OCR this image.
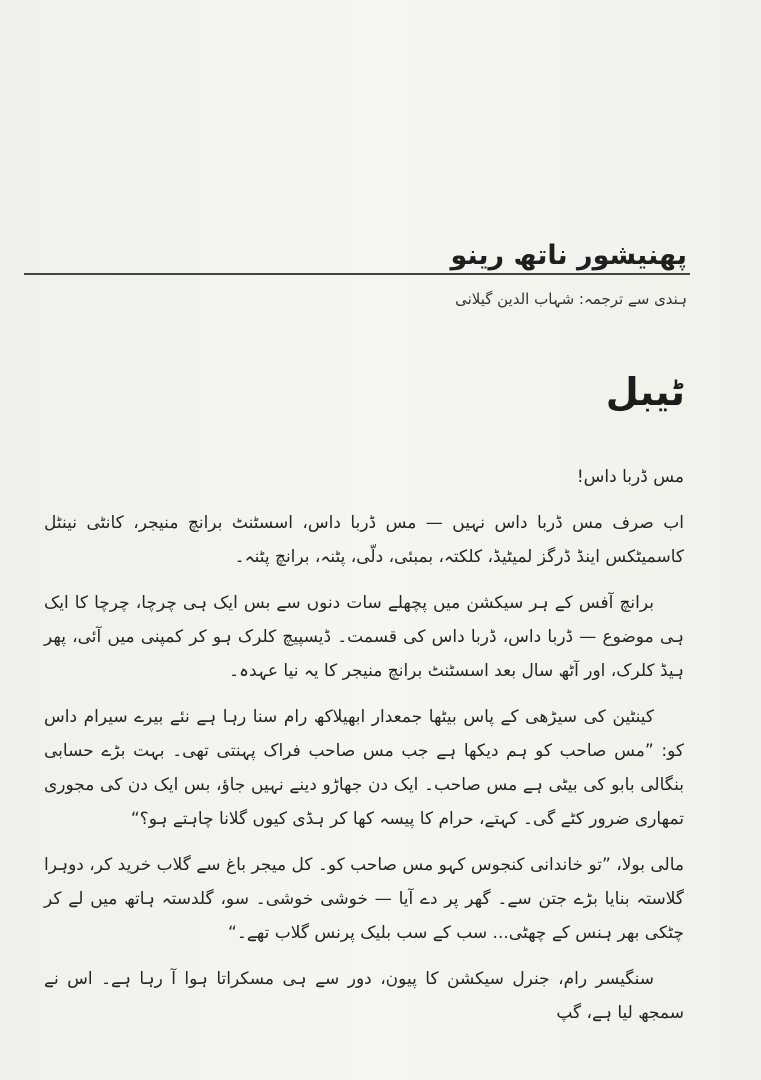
پھنیشور ناتھ رینو
ہندی سے ترجمہ: شہاب الدین گیلانی
ٹیبل

مس ڈربا داس!

اب صرف مس ڈربا داس نہیں — مس ڈربا داس، اسسٹنٹ برانچ منیجر، کانٹی نینٹل کاسمیٹکس اینڈ ڈرگز لمیٹیڈ، کلکتہ، بمبئی، دلّی، پٹنہ، برانچ پٹنہ۔

برانچ آفس کے ہر سیکشن میں پچھلے سات دنوں سے بس ایک ہی چرچا، چرچا کا ایک ہی موضوع — ڈربا داس، ڈربا داس کی قسمت۔ ڈیسپیچ کلرک ہو کر کمپنی میں آئی، پھر ہیڈ کلرک، اور آٹھ سال بعد اسسٹنٹ برانچ منیجر کا یہ نیا عہدہ۔

کینٹین کی سیڑھی کے پاس بیٹھا جمعدار ابھیلاکھ رام سنا رہا ہے نئے بیرے سیرام داس کو: ”مس صاحب کو ہم دیکھا ہے جب مس صاحب فراک پہنتی تھی۔ بہت بڑے حسابی بنگالی بابو کی بیٹی ہے مس صاحب۔ ایک دن جھاڑو دینے نہیں جاؤ، بس ایک دن کی مجوری تمھاری ضرور کٹے گی۔ کہتے، حرام کا پیسہ کھا کر ہڈی کیوں گلانا چاہتے ہو؟“

مالی بولا، ”تو خاندانی کنجوس کہو مس صاحب کو۔ کل میجر باغ سے گلاب خرید کر، دوہرا گلاستہ بنایا بڑے جتن سے۔ گھر پر دے آیا — خوشی خوشی۔ سو، گلدستہ ہاتھ میں لے کر چٹکی بھر ہنس کے چھٹی... سب کے سب بلیک پرنس گلاب تھے۔“

سنگیسر رام، جنرل سیکشن کا پیون، دور سے ہی مسکراتا ہوا آ رہا ہے۔ اس نے سمجھ لیا ہے، گپ
